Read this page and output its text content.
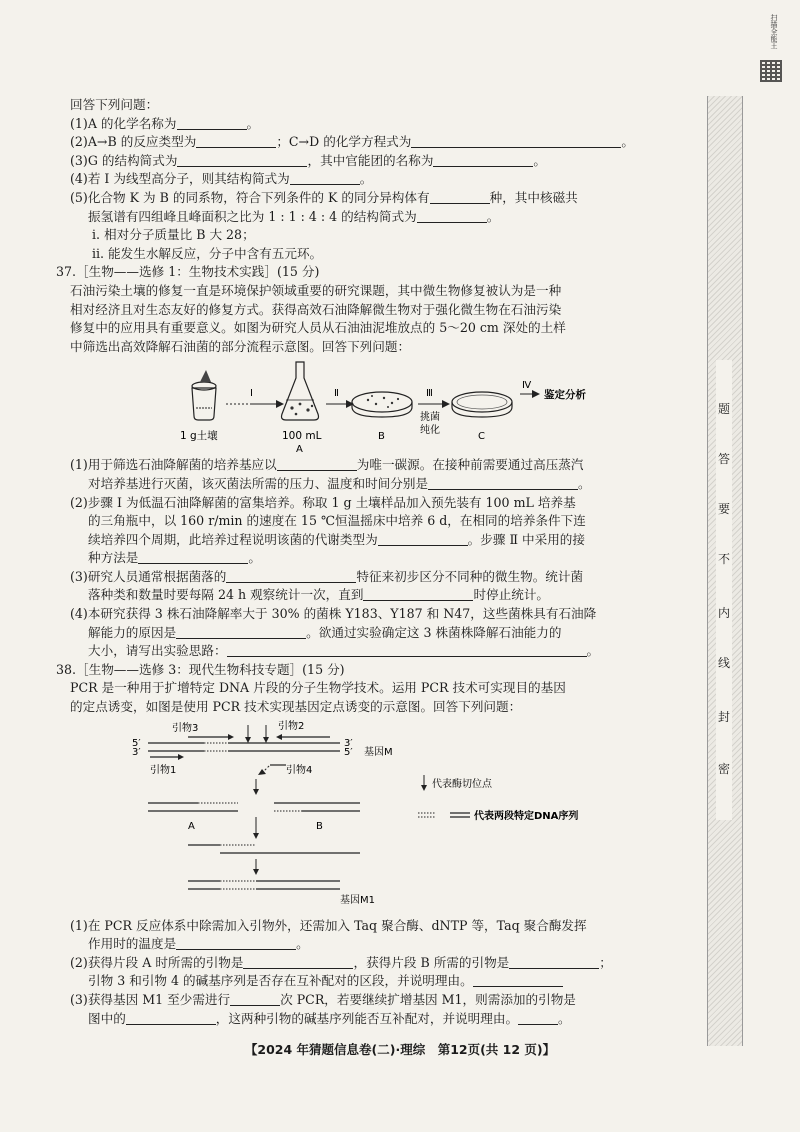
回答下列问题：
(1)A 的化学名称为	。
(2)A→B 的反应类型为	；C→D 的化学方程式为	。
(3)G 的结构简式为	，其中官能团的名称为	。
(4)若 I 为线型高分子，则其结构简式为	。
(5)化合物 K 为 B 的同系物，符合下列条件的 K 的同分异构体有	种，其中核磁共
振氢谱有四组峰且峰面积之比为 1 : 1 : 4 : 4 的结构简式为	。
ⅰ. 相对分子质量比 B 大 28；
ⅱ. 能发生水解反应，分子中含有五元环。
37.［生物——选修 1：生物技术实践］(15 分)
石油污染土壤的修复一直是环境保护领域重要的研究课题，其中微生物修复被认为是一种
相对经济且对生态友好的修复方式。获得高效石油降解微生物对于强化微生物在石油污染
修复中的应用具有重要意义。如图为研究人员从石油油泥堆放点的 5～20 cm 深处的土样
中筛选出高效降解石油菌的部分流程示意图。回答下列问题：
1 g土壤
Ⅰ
100 mL
A
Ⅱ
B
Ⅲ
挑菌
纯化
C
Ⅳ
鉴定分析
(1)用于筛选石油降解菌的培养基应以	为唯一碳源。在接种前需要通过高压蒸汽
对培养基进行灭菌，该灭菌法所需的压力、温度和时间分别是	。
(2)步骤 Ⅰ 为低温石油降解菌的富集培养。称取 1 g 土壤样品加入预先装有 100 mL 培养基
的三角瓶中，以 160 r/min 的速度在 15 ℃恒温摇床中培养 6 d，在相同的培养条件下连
续培养四个周期，此培养过程说明该菌的代谢类型为	。步骤 Ⅱ 中采用的接
种方法是	。
(3)研究人员通常根据菌落的	特征来初步区分不同种的微生物。统计菌
落种类和数量时要每隔 24 h 观察统计一次，直到	时停止统计。
(4)本研究获得 3 株石油降解率大于 30% 的菌株 Y183、Y187 和 N47，这些菌株具有石油降
解能力的原因是	。欲通过实验确定这 3 株菌株降解石油能力的
大小，请写出实验思路：	。
38.［生物——选修 3：现代生物科技专题］(15 分)
PCR 是一种用于扩增特定 DNA 片段的分子生物学技术。运用 PCR 技术可实现目的基因
的定点诱变，如图是使用 PCR 技术实现基因定点诱变的示意图。回答下列问题：
引物3	引物2
5′
3′
3′
5′ 基因M
引物1	引物4
A	B
基因M1
代表酶切位点
代表两段特定DNA序列
(1)在 PCR 反应体系中除需加入引物外，还需加入 Taq 聚合酶、dNTP 等，Taq 聚合酶发挥
作用时的温度是	。
(2)获得片段 A 时所需的引物是	，获得片段 B 所需的引物是	；
引物 3 和引物 4 的碱基序列是否存在互补配对的区段，并说明理由。
(3)获得基因 M1 至少需进行	次 PCR，若要继续扩增基因 M1，则需添加的引物是
图中的	，这两种引物的碱基序列能否互补配对，并说明理由。	。
【2024 年猜题信息卷(二)·理综　第12页(共 12 页)】
题
答
要
不
内
线
封
密
扫描全能王
